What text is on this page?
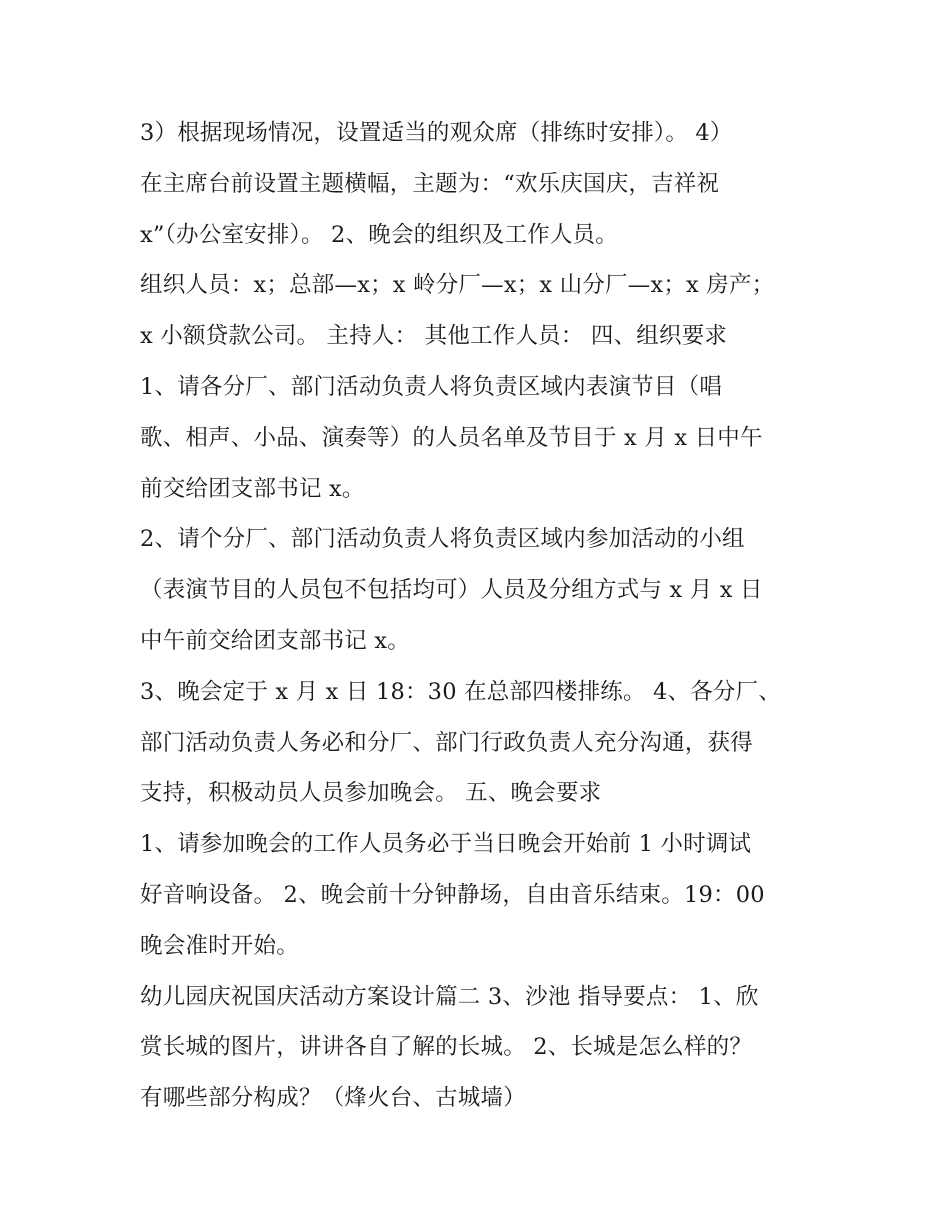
3）根据现场情况，设置适当的观众席（排练时安排）。 4）
在主席台前设置主题横幅，主题为：“欢乐庆国庆，吉祥祝
x”（办公室安排）。 2、晚会的组织及工作人员。
组织人员：x；总部—x；x 岭分厂—x；x 山分厂—x；x 房产；
x 小额贷款公司。 主持人： 其他工作人员： 四、组织要求
1、请各分厂、部门活动负责人将负责区域内表演节目（唱
歌、相声、小品、演奏等）的人员名单及节目于 x 月 x 日中午
前交给团支部书记 x。
2、请个分厂、部门活动负责人将负责区域内参加活动的小组
（表演节目的人员包不包括均可）人员及分组方式与 x 月 x 日
中午前交给团支部书记 x。
3、晚会定于 x 月 x 日 18：30 在总部四楼排练。 4、各分厂、
部门活动负责人务必和分厂、部门行政负责人充分沟通，获得
支持，积极动员人员参加晚会。 五、晚会要求
1、请参加晚会的工作人员务必于当日晚会开始前 1 小时调试
好音响设备。 2、晚会前十分钟静场，自由音乐结束。19：00
晚会准时开始。
幼儿园庆祝国庆活动方案设计篇二 3、沙池 指导要点： 1、欣
赏长城的图片，讲讲各自了解的长城。 2、长城是怎么样的？
有哪些部分构成？（烽火台、古城墙）
